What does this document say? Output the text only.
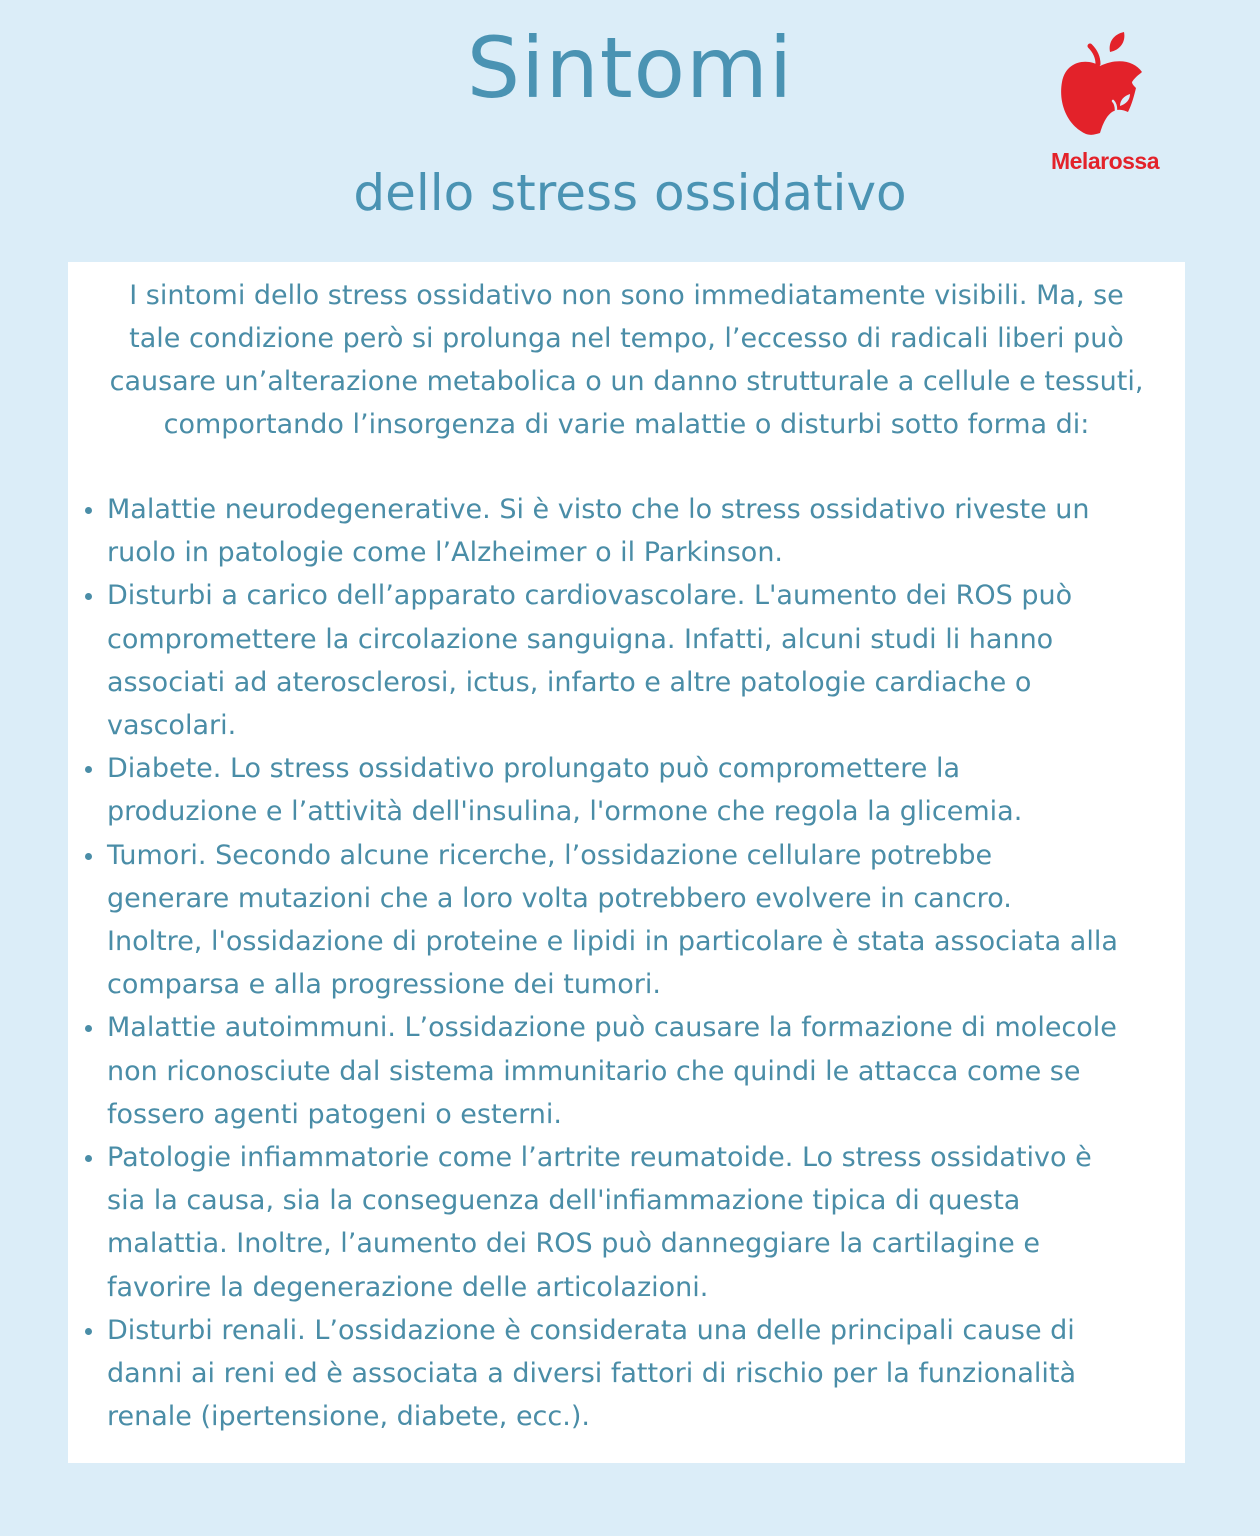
Sintomi
dello stress ossidativo
Melarossa

I sintomi dello stress ossidativo non sono immediatamente visibili. Ma, se
tale condizione però si prolunga nel tempo, l’eccesso di radicali liberi può
causare un’alterazione metabolica o un danno strutturale a cellule e tessuti,
comportando l’insorgenza di varie malattie o disturbi sotto forma di:

Malattie neurodegenerative. Si è visto che lo stress ossidativo riveste un
ruolo in patologie come l’Alzheimer o il Parkinson.
Disturbi a carico dell’apparato cardiovascolare. L'aumento dei ROS può
compromettere la circolazione sanguigna. Infatti, alcuni studi li hanno
associati ad aterosclerosi, ictus, infarto e altre patologie cardiache o
vascolari.
Diabete. Lo stress ossidativo prolungato può compromettere la
produzione e l’attività dell'insulina, l'ormone che regola la glicemia.
Tumori. Secondo alcune ricerche, l’ossidazione cellulare potrebbe
generare mutazioni che a loro volta potrebbero evolvere in cancro.
Inoltre, l'ossidazione di proteine e lipidi in particolare è stata associata alla
comparsa e alla progressione dei tumori.
Malattie autoimmuni. L’ossidazione può causare la formazione di molecole
non riconosciute dal sistema immunitario che quindi le attacca come se
fossero agenti patogeni o esterni.
Patologie infiammatorie come l’artrite reumatoide. Lo stress ossidativo è
sia la causa, sia la conseguenza dell'infiammazione tipica di questa
malattia. Inoltre, l’aumento dei ROS può danneggiare la cartilagine e
favorire la degenerazione delle articolazioni.
Disturbi renali. L’ossidazione è considerata una delle principali cause di
danni ai reni ed è associata a diversi fattori di rischio per la funzionalità
renale (ipertensione, diabete, ecc.).
